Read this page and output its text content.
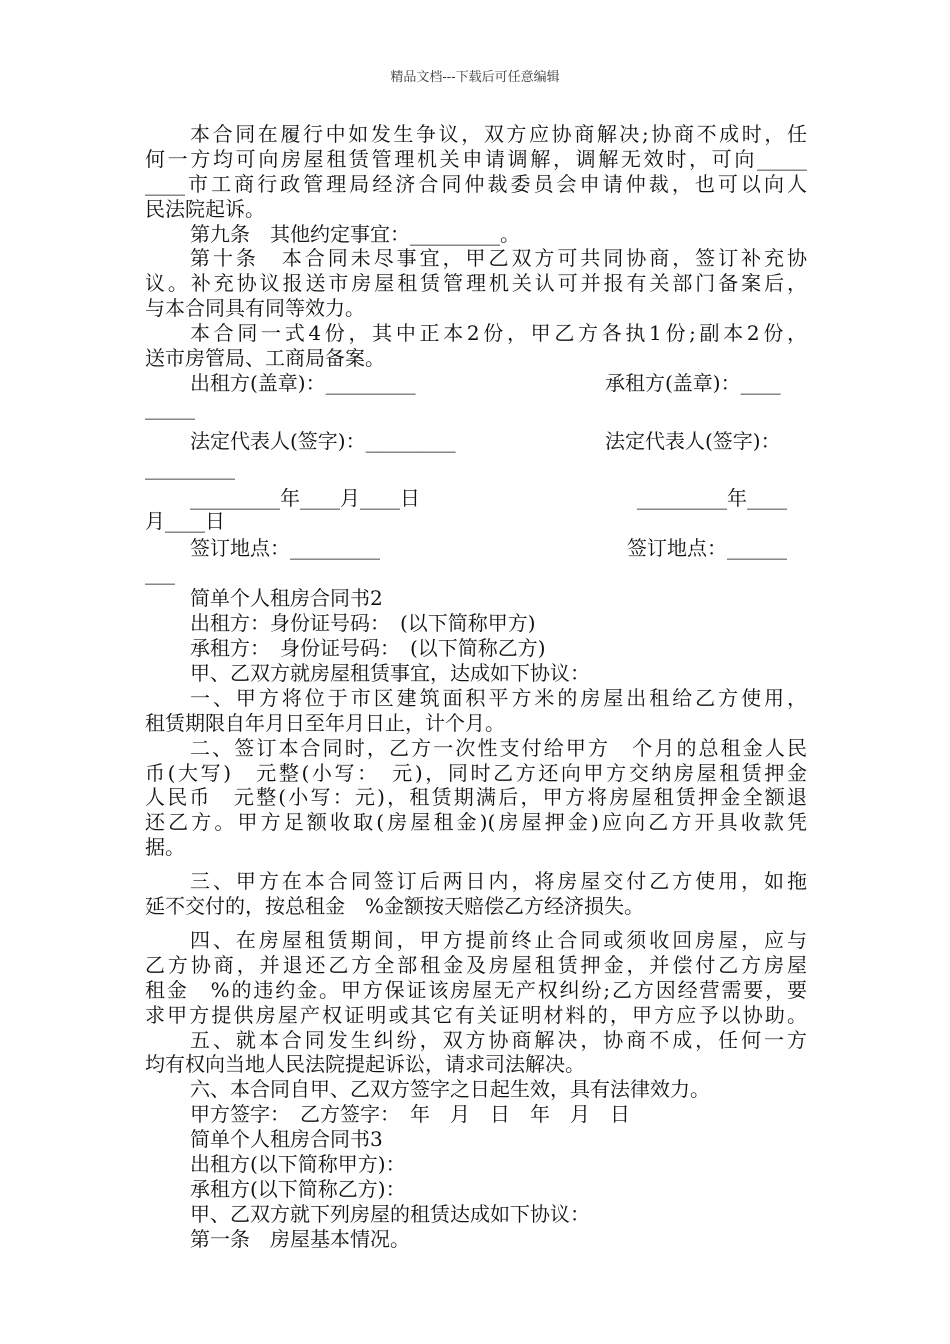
精品文档---下载后可任意编辑
本合同在履行中如发生争议，双方应协商解决;协商不成时，任
何一方均可向房屋租赁管理机关申请调解，调解无效时，可向_____
____市工商行政管理局经济合同仲裁委员会申请仲裁，也可以向人
民法院起诉。
第九条　其他约定事宜：_________。
第十条　本合同未尽事宜，甲乙双方可共同协商，签订补充协
议。补充协议报送市房屋租赁管理机关认可并报有关部门备案后，
与本合同具有同等效力。
本合同一式4份，其中正本2份，甲乙方各执1份;副本2份，
送市房管局、工商局备案。
出租方(盖章)：_________	承租方(盖章)：____
_____
法定代表人(签字)：_________	法定代表人(签字)：
_________
_________年____月____日	_________年____
月____日
签订地点：_________	签订地点：______
___
简单个人租房合同书2
出租方：身份证号码：　(以下简称甲方)
承租方：　身份证号码：　(以下简称乙方)
甲、乙双方就房屋租赁事宜，达成如下协议：
一、甲方将位于市区建筑面积平方米的房屋出租给乙方使用，
租赁期限自年月日至年月日止，计个月。
二、签订本合同时，乙方一次性支付给甲方　个月的总租金人民
币(大写)　元整(小写：　元)，同时乙方还向甲方交纳房屋租赁押金
人民币　元整(小写：元)，租赁期满后，甲方将房屋租赁押金全额退
还乙方。甲方足额收取(房屋租金)(房屋押金)应向乙方开具收款凭
据。
三、甲方在本合同签订后两日内，将房屋交付乙方使用，如拖
延不交付的，按总租金　%金额按天赔偿乙方经济损失。
四、在房屋租赁期间，甲方提前终止合同或须收回房屋，应与
乙方协商，并退还乙方全部租金及房屋租赁押金，并偿付乙方房屋
租金　%的违约金。甲方保证该房屋无产权纠纷;乙方因经营需要，要
求甲方提供房屋产权证明或其它有关证明材料的，甲方应予以协助。
五、就本合同发生纠纷，双方协商解决，协商不成，任何一方
均有权向当地人民法院提起诉讼，请求司法解决。
六、本合同自甲、乙双方签字之日起生效，具有法律效力。
甲方签字：　乙方签字：　年　月　日　年　月　日
简单个人租房合同书3
出租方(以下简称甲方)：
承租方(以下简称乙方)：
甲、乙双方就下列房屋的租赁达成如下协议：
第一条　房屋基本情况。
